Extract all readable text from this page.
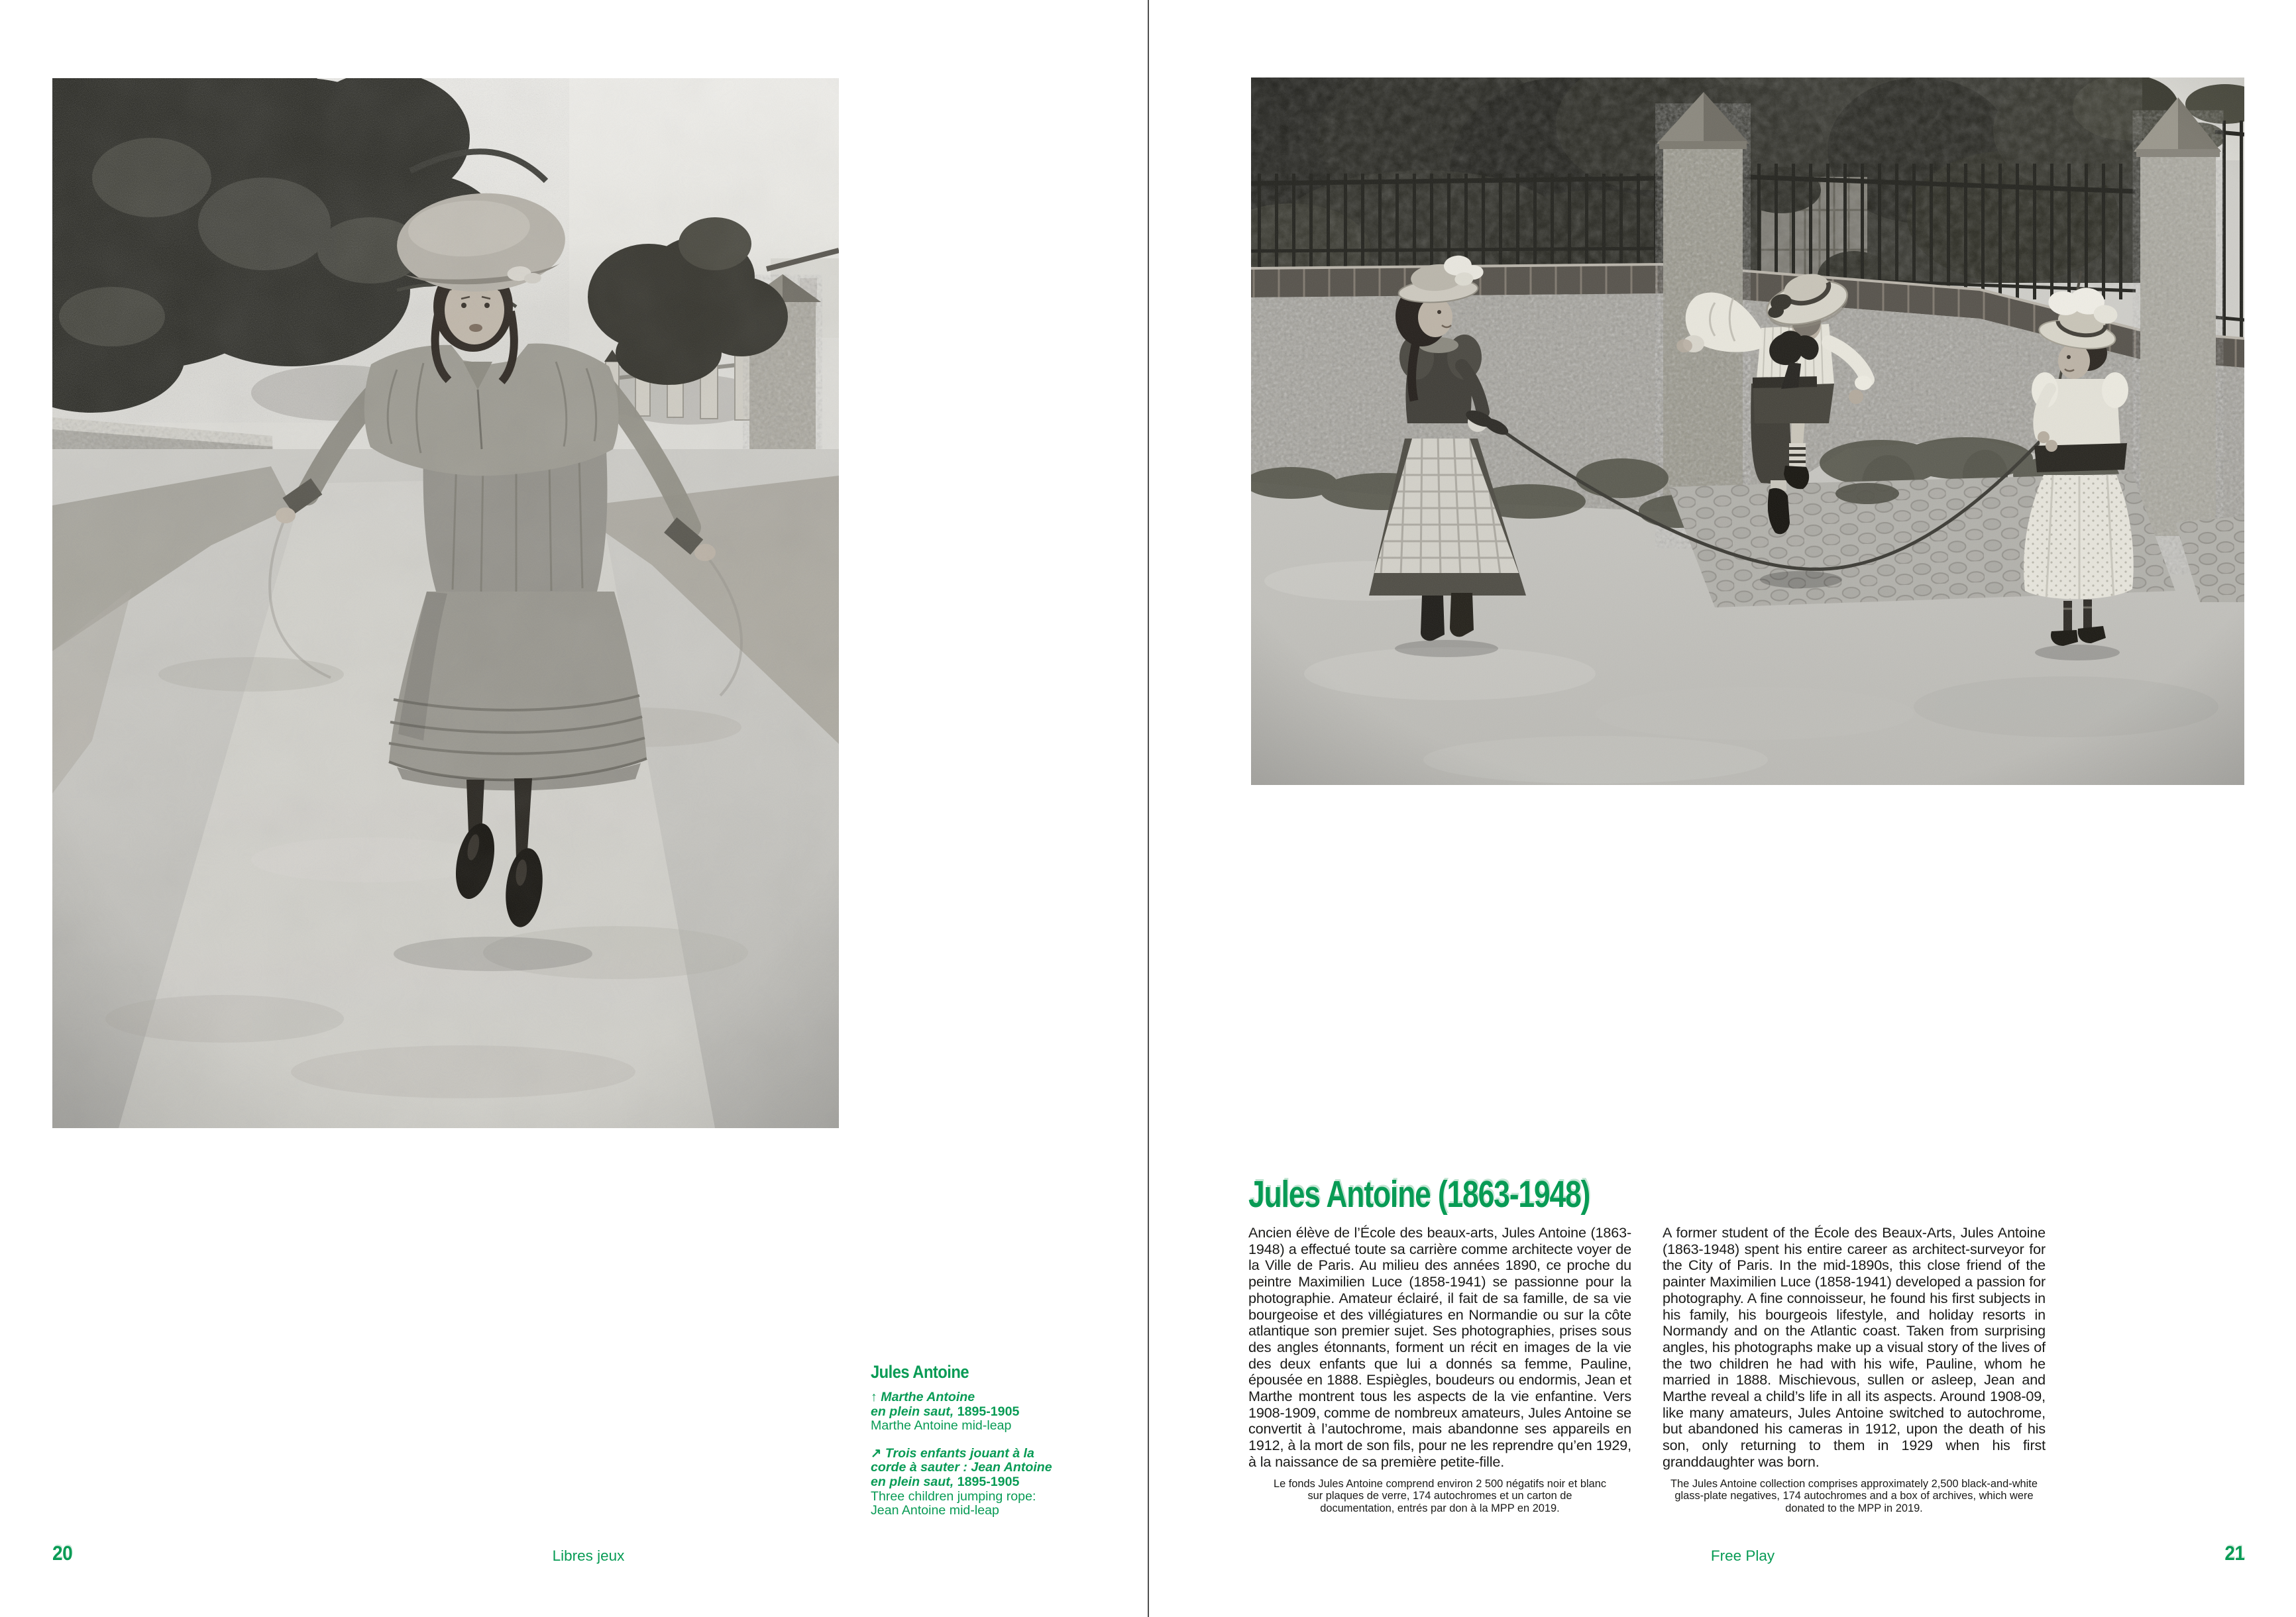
Jules Antoine

↑ Marthe Antoine
en plein saut, 1895-1905
Marthe Antoine mid-leap

↗ Trois enfants jouant à la
corde à sauter : Jean Antoine
en plein saut, 1895-1905
Three children jumping rope:
Jean Antoine mid-leap

20	Libres jeux

Jules Antoine (1863-1948)

Ancien élève de l’École des beaux-arts, Jules Antoine (1863-1948) a effectué toute sa carrière comme architecte voyer de la Ville de Paris. Au milieu des années 1890, ce proche du peintre Maximilien Luce (1858-1941) se passionne pour la photographie. Amateur éclairé, il fait de sa famille, de sa vie bourgeoise et des villégiatures en Normandie ou sur la côte atlantique son premier sujet. Ses photographies, prises sous des angles étonnants, forment un récit en images de la vie des deux enfants que lui a donnés sa femme, Pauline, épousée en 1888. Espiègles, boudeurs ou endormis, Jean et Marthe montrent tous les aspects de la vie enfantine. Vers 1908-1909, comme de nombreux amateurs, Jules Antoine se convertit à l’autochrome, mais abandonne ses appareils en 1912, à la mort de son fils, pour ne les reprendre qu’en 1929, à la naissance de sa première petite-fille.

Le fonds Jules Antoine comprend environ 2 500 négatifs noir et blanc sur plaques de verre, 174 autochromes et un carton de documentation, entrés par don à la MPP en 2019.

A former student of the École des Beaux-Arts, Jules Antoine (1863-1948) spent his entire career as architect-surveyor for the City of Paris. In the mid-1890s, this close friend of the painter Maximilien Luce (1858-1941) developed a passion for photography. A fine connoisseur, he found his first subjects in his family, his bourgeois lifestyle, and holiday resorts in Normandy and on the Atlantic coast. Taken from surprising angles, his photographs make up a visual story of the lives of the two children he had with his wife, Pauline, whom he married in 1888. Mischievous, sullen or asleep, Jean and Marthe reveal a child’s life in all its aspects. Around 1908-09, like many amateurs, Jules Antoine switched to autochrome, but abandoned his cameras in 1912, upon the death of his son, only returning to them in 1929 when his first granddaughter was born.

The Jules Antoine collection comprises approximately 2,500 black-and-white glass-plate negatives, 174 autochromes and a box of archives, which were donated to the MPP in 2019.

Free Play	21
